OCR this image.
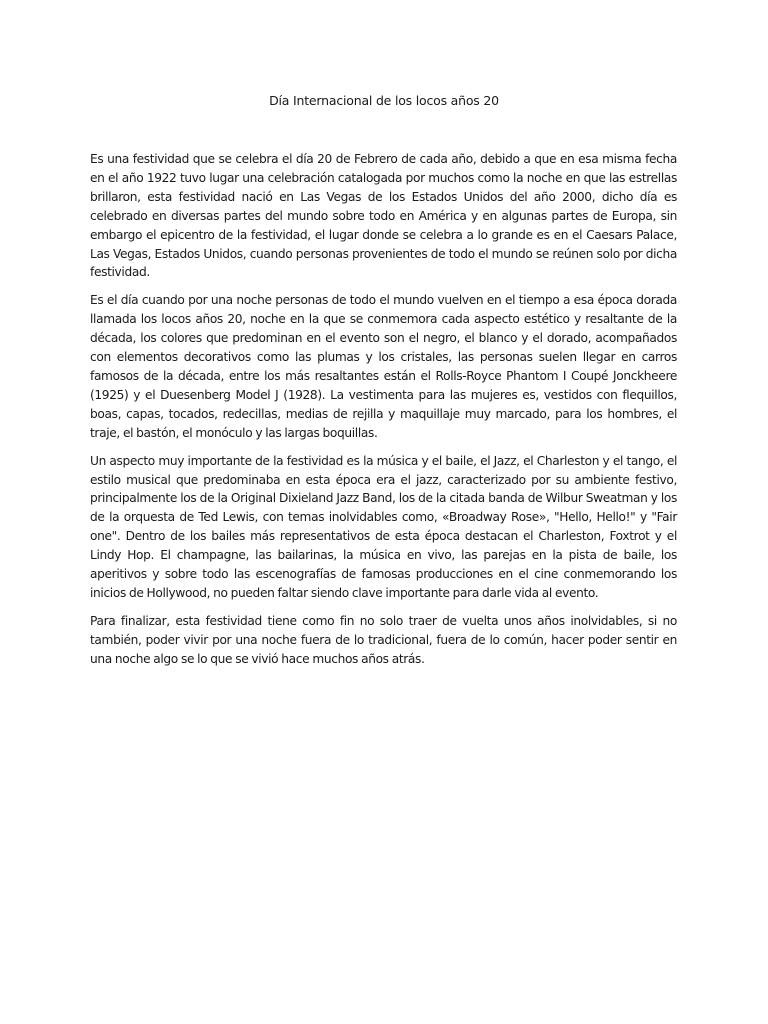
Día Internacional de los locos años 20

Es una festividad que se celebra el día 20 de Febrero de cada año, debido a que en esa misma fecha en el año 1922 tuvo lugar una celebración catalogada por muchos como la noche en que las estrellas brillaron, esta festividad nació en Las Vegas de los Estados Unidos del año 2000, dicho día es celebrado en diversas partes del mundo sobre todo en América y en algunas partes de Europa, sin embargo el epicentro de la festividad, el lugar donde se celebra a lo grande es en el Caesars Palace, Las Vegas, Estados Unidos, cuando personas provenientes de todo el mundo se reúnen solo por dicha festividad.

Es el día cuando por una noche personas de todo el mundo vuelven en el tiempo a esa época dorada llamada los locos años 20, noche en la que se conmemora cada aspecto estético y resaltante de la década, los colores que predominan en el evento son el negro, el blanco y el dorado, acompañados con elementos decorativos como las plumas y los cristales, las personas suelen llegar en carros famosos de la década, entre los más resaltantes están el Rolls-Royce Phantom I Coupé Jonckheere (1925) y el Duesenberg Model J (1928). La vestimenta para las mujeres es, vestidos con flequillos, boas, capas, tocados, redecillas, medias de rejilla y maquillaje muy marcado, para los hombres, el traje, el bastón, el monóculo y las largas boquillas.

Un aspecto muy importante de la festividad es la música y el baile, el Jazz, el Charleston y el tango, el estilo musical que predominaba en esta época era el jazz, caracterizado por su ambiente festivo, principalmente los de la Original Dixieland Jazz Band, los de la citada banda de Wilbur Sweatman y los de la orquesta de Ted Lewis, con temas inolvidables como, «Broadway Rose», "Hello, Hello!" y "Fair one". Dentro de los bailes más representativos de esta época destacan el Charleston, Foxtrot y el Lindy Hop. El champagne, las bailarinas, la música en vivo, las parejas en la pista de baile, los aperitivos y sobre todo las escenografías de famosas producciones en el cine conmemorando los inicios de Hollywood, no pueden faltar siendo clave importante para darle vida al evento.

Para finalizar, esta festividad tiene como fin no solo traer de vuelta unos años inolvidables, si no también, poder vivir por una noche fuera de lo tradicional, fuera de lo común, hacer poder sentir en una noche algo se lo que se vivió hace muchos años atrás.
